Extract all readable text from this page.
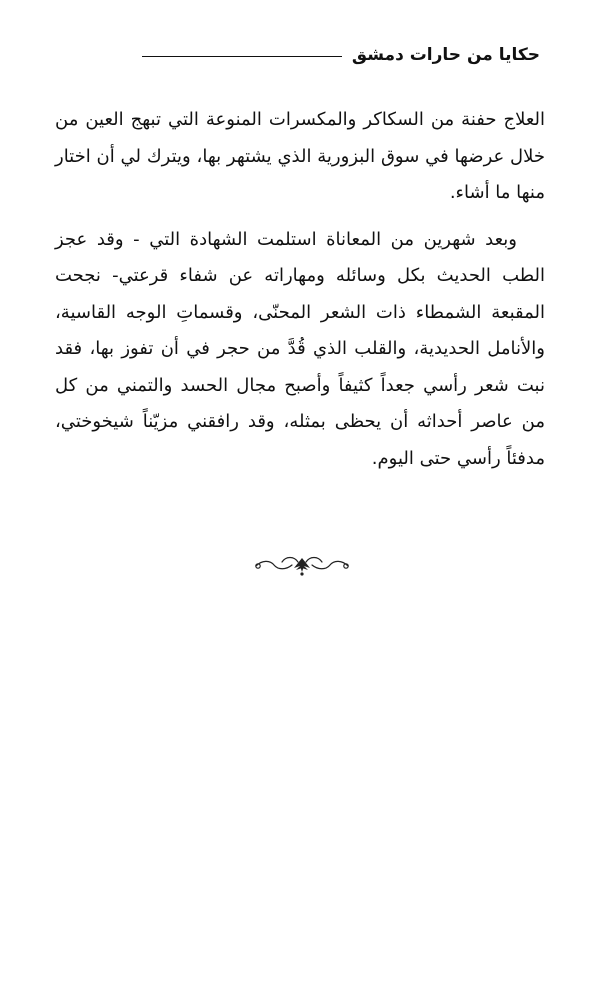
حكايا من حارات دمشق

العلاج حفنة من السكاكر والمكسرات المنوعة التي تبهج العين من خلال عرضها في سوق البزورية الذي يشتهر بها، ويترك لي أن اختار منها ما أشاء.

وبعد شهرين من المعاناة استلمت الشهادة التي - وقد عجز الطب الحديث بكل وسائله ومهاراته عن شفاء قرعتي- نجحت المقبعة الشمطاء ذات الشعر المحنّى، وقسماتِ الوجه القاسية، والأنامل الحديدية، والقلب الذي قُدَّ من حجر في أن تفوز بها، فقد نبت شعر رأسي جعداً كثيفاً وأصبح مجال الحسد والتمني من كل من عاصر أحداثه أن يحظى بمثله، وقد رافقني مزيّناً شيخوختي، مدفئاً رأسي حتى اليوم.
